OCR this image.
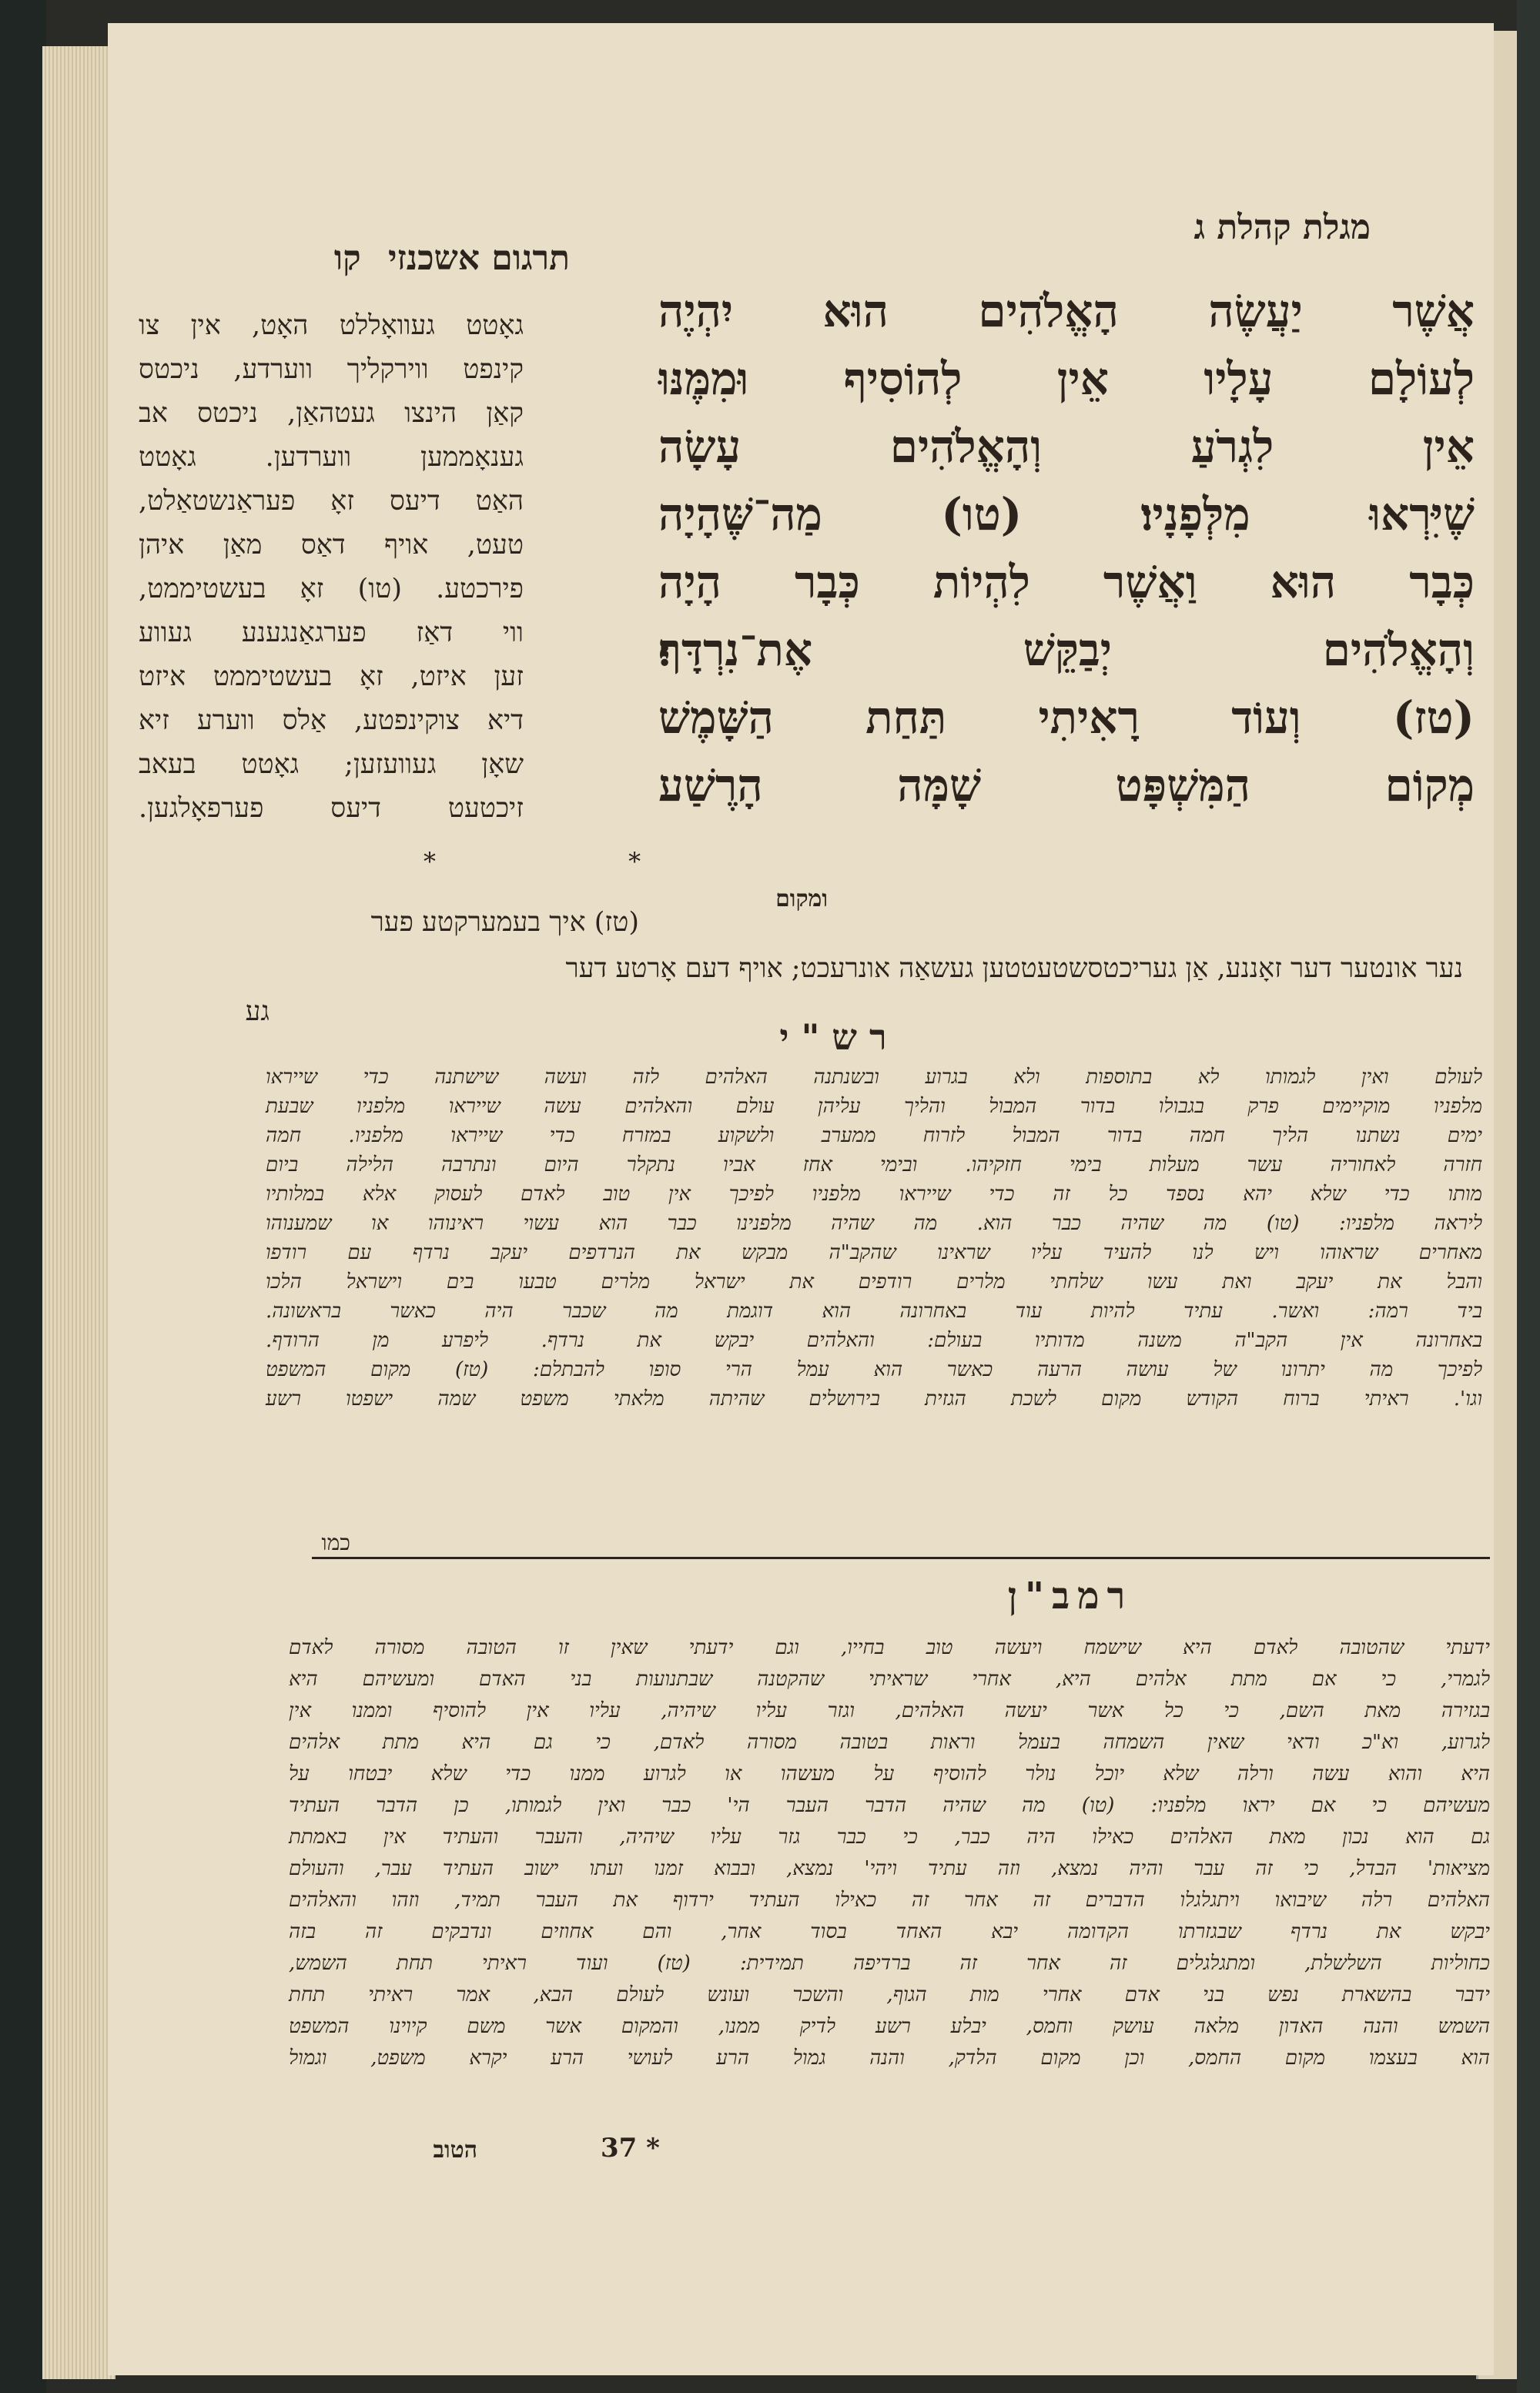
מגלת קהלת ג
תרגום אשכנזי קו
אֲשֶׁר יַעֲשֶׂה הָאֱלֹהִים הוּא יִהְיֶה
לְעוֹלָם עָלָיו אֵין לְהוֹסִיף וּמִמֶּנּוּ
אֵין לִגְרֹעַ וְהָאֱלֹהִים עָשָׂה
שֶׁיִּרְאוּ מִלְּפָנָיו׃ (טו) מַה־שֶּׁהָיָה
כְּבָר הוּא וַאֲשֶׁר לִהְיוֹת כְּבָר הָיָה
וְהָאֱלֹהִים יְבַקֵּשׁ אֶת־נִרְדָּף׃
(טז) וְעוֹד רָאִיתִי תַּחַת הַשָּׁמֶשׁ
מְקוֹם הַמִּשְׁפָּט שָׁמָּה הָרֶשַׁע
ומקום
גאָטט געוואָללט האָט, אין צו
קינפט ווירקליך ווערדע, ניכטס
קאַן הינצו געטהאַן, ניכטס אב
גענאָממען ווערדען. גאָטט
האַט דיעס זאָ פעראַנשטאַלט,
טעט, אויף דאַס מאַן איהן
פירכטע. (טו) זאָ בעשטיממט,
ווי דאַז פערגאַנגענע געווע
זען איזט, זאָ בעשטיממט איזט
דיא צוקינפטע, אַלס ווערע זיא
שאָן געוועזען; גאָטט בעאב
זיכטעט דיעס פערפאָלגען.
* *
(טז) איך בעמערקטע פער
נער אונטער דער זאָננע, אַן געריכטסשטעטטען געשאַה אונרעכט; אויף דעם אָרטע דער
גע
רש"י
לעולם ואין לגמותו לא בתוספות ולא בגרוע ובשנתנה האלהים לזה ועשה שישתנה כדי שייראו
מלפניו מוקיימים פרק בגבולו בדור המבול והליך עליהן עולם והאלהים עשה שייראו מלפניו שבעת
ימים נשתנו הליך חמה בדור המבול לזרוח ממערב ולשקוע במזרח כדי שייראו מלפניו. חמה
חזרה לאחוריה עשר מעלות בימי חזקיהו. ובימי אחז אביו נתקלר היום ונתרבה הלילה ביום
מותו כדי שלא יהא נספד כל זה כדי שייראו מלפניו לפיכך אין טוב לאדם לעסוק אלא במלותיו
ליראה מלפניו: (טו) מה שהיה כבר הוא. מה שהיה מלפנינו כבר הוא עשוי ראינוהו או שמענוהו
מאחרים שראוהו ויש לנו להעיד עליו שראינו שהקב"ה מבקש את הנרדפים יעקב נרדף עם רודפו
והבל את יעקב ואת עשו שלחתי מלרים רודפים את ישראל מלרים טבעו בים וישראל הלכו
ביד רמה: ואשר. עתיד להיות עוד באחרונה הוא דוגמת מה שכבר היה כאשר בראשונה.
באחרונה אין הקב"ה משנה מדותיו בעולם: והאלהים יבקש את נרדף. ליפרע מן הרודף.
לפיכך מה יתרונו של עושה הרעה כאשר הוא עמל הרי סופו להבתלם: (טז) מקום המשפט
וגו'. ראיתי ברוח הקודש מקום לשכת הגזית בירושלים שהיתה מלאתי משפט שמה ישפטו רשע
כמו
רמב"ן
ידעתי שהטובה לאדם היא שישמח ויעשה טוב בחייו, וגם ידעתי שאין זו הטובה מסורה לאדם
לגמרי, כי אם מתת אלהים היא, אחרי שראיתי שהקטנה שבתנועות בני האדם ומעשיהם היא
בגזירה מאת השם, כי כל אשר יעשה האלהים, וגזר עליו שיהיה, עליו אין להוסיף וממנו אין
לגרוע, וא"כ ודאי שאין השמחה בעמל וראות בטובה מסורה לאדם, כי גם היא מתת אלהים
היא והוא עשה ורלה שלא יוכל נולר להוסיף על מעשהו או לגרוע ממנו כדי שלא יבטחו על
מעשיהם כי אם יראו מלפניו: (טו) מה שהיה הדבר העבר הי' כבר ואין לגמותו, כן הדבר העתיד
גם הוא נכון מאת האלהים כאילו היה כבר, כי כבר גזר עליו שיהיה, והעבר והעתיד אין באמתת
מציאות' הבדל, כי זה עבר והיה נמצא, וזה עתיד ויהי' נמצא, ובבוא זמנו ועתו ישוב העתיד עבר, והעולם
האלהים רלה שיבואו ויתגלגלו הדברים זה אחר זה כאילו העתיד ירדוף את העבר תמיד, וזהו והאלהים
יבקש את נרדף שבגזרתו הקדומה יבא האחד בסוד אחר, והם אחוזים ונדבקים זה בזה
כחוליות השלשלת, ומתגלגלים זה אחר זה ברדיפה תמידית: (טז) ועוד ראיתי תחת השמש,
ידבר בהשארת נפש בני אדם אחרי מות הגוף, והשכר ועונש לעולם הבא, אמר ראיתי תחת
השמש והנה האדון מלאה עושק וחמס, יבלע רשע לדיק ממנו, והמקום אשר משם קיוינו המשפט
הוא בעצמו מקום החמס, וכן מקום הלדק, והנה גמול הרע לעושי הרע יקרא משפט, וגמול
הטוב	37 *
